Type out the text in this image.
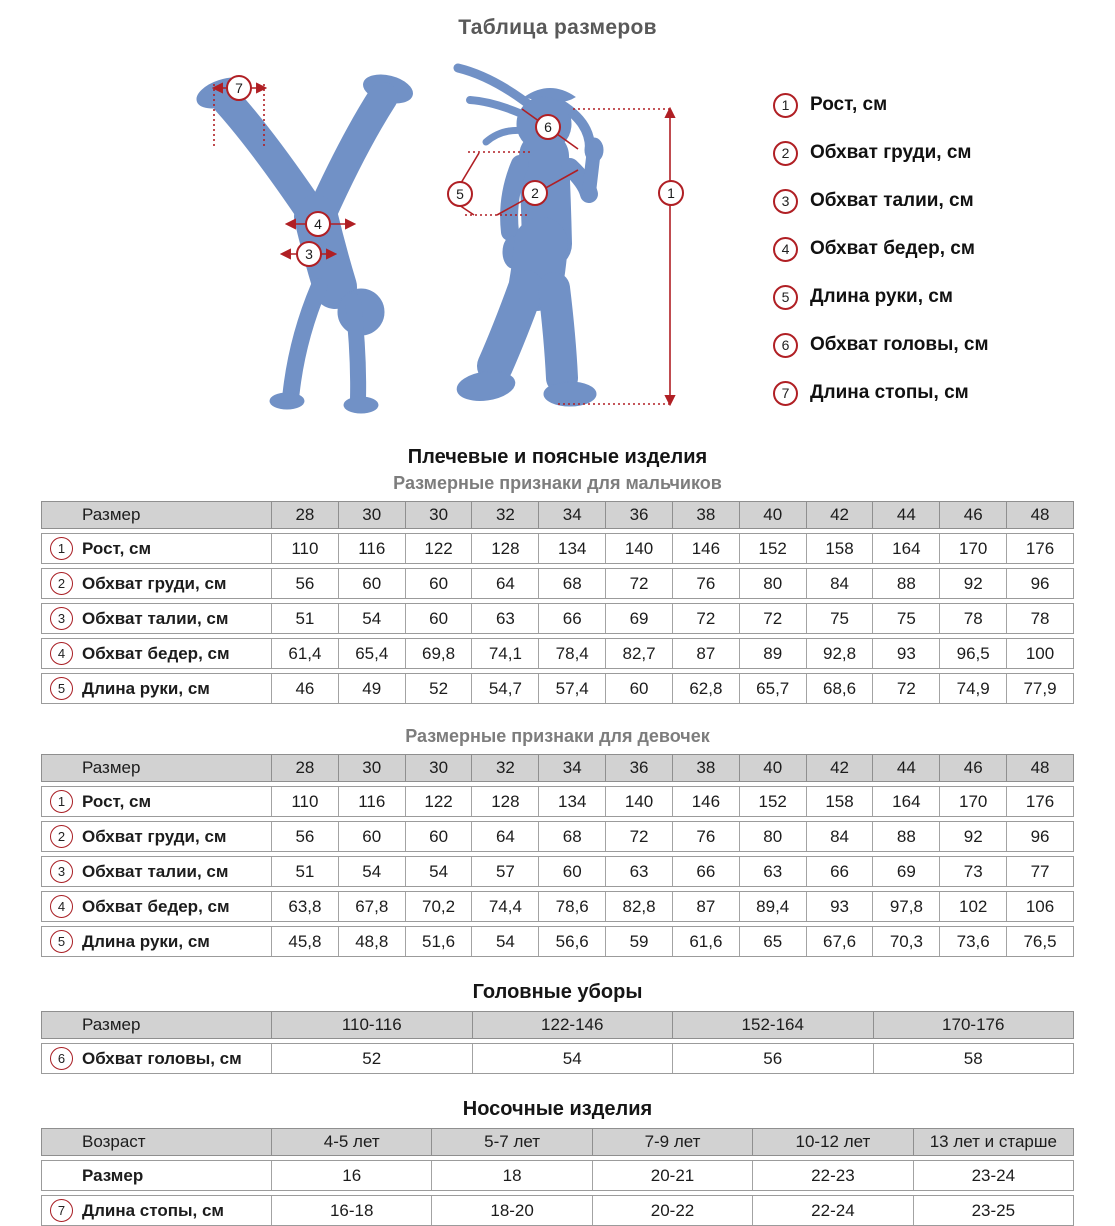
Таблица размеров
7
4
3
6
5	2	1
1	Рост, см
2	Обхват груди, см
3	Обхват талии, см
4	Обхват бедер, см
5	Длина руки, см
6	Обхват головы, см
7	Длина стопы, см
Плечевые и поясные изделия
Размерные признаки для мальчиков
Размер	28	30	30	32	34	36	38	40	42	44	46	48
1 Рост, см	110	116	122	128	134	140	146	152	158	164	170	176
2 Обхват груди, см	56	60	60	64	68	72	76	80	84	88	92	96
3 Обхват талии, см	51	54	60	63	66	69	72	72	75	75	78	78
4 Обхват бедер, см	61,4	65,4	69,8	74,1	78,4	82,7	87	89	92,8	93	96,5	100
5 Длина руки, см	46	49	52	54,7	57,4	60	62,8	65,7	68,6	72	74,9	77,9
Размерные признаки для девочек
Размер	28	30	30	32	34	36	38	40	42	44	46	48
1 Рост, см	110	116	122	128	134	140	146	152	158	164	170	176
2 Обхват груди, см	56	60	60	64	68	72	76	80	84	88	92	96
3 Обхват талии, см	51	54	54	57	60	63	66	63	66	69	73	77
4 Обхват бедер, см	63,8	67,8	70,2	74,4	78,6	82,8	87	89,4	93	97,8	102	106
5 Длина руки, см	45,8	48,8	51,6	54	56,6	59	61,6	65	67,6	70,3	73,6	76,5
Головные уборы
Размер	110-116	122-146	152-164	170-176
6 Обхват головы, см	52	54	56	58
Носочные изделия
Возраст	4-5 лет	5-7 лет	7-9 лет	10-12 лет	13 лет и старше
Размер	16	18	20-21	22-23	23-24
7 Длина стопы, см	16-18	18-20	20-22	22-24	23-25
